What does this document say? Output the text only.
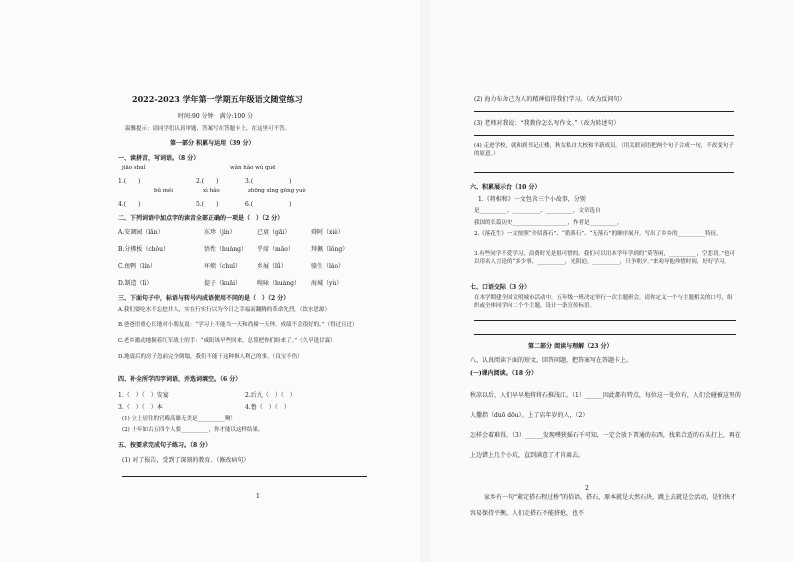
2022-2023 学年第一学期五年级语文随堂练习
时间:90 分钟　满分:100 分
温馨提示：请同学们认真审题，答案写在答题卡上，在这里可不答。
第一部分 积累与运用（39 分）
一、读拼音，写词语。（8 分）
jiāo shuǐ	wǎn hǎo wú quē
1.(　　)	2.(　　)	3.(　　　　　　)
bǔ méi	xì hǎo	zhōng xīng gōng yuè
4.(　　)	5.(　　)	6.(　　　　　　)
二、下列词语中加点字的读音全部正确的一项是（　）（2 分）
A.安调园（lǎn）	东珍（jìn）	已衰（gāi）	舜阿（xiè）
B.分梆板（chǒu）	悟性（huàng） 乎席（mǎo）	拜佩（lǒng）
C.鱼鸭（lín）	坏烦（chuī）	乡展（lǚ）	骆生（lào）
D.制造（lì）	提子（kuāi）	嗅咏（huàng） 海城（yù）
三、下面句子中，标语与转号内成语使用不同的是（　）（2 分）
A.我们要吃水不忘挖井人，实在行实行以为今日之幸福而翻腾的革命先烈。（饮水思源）
B.爸爸语重心长地对小朋友说：“学习上不能当一天和尚撞一天钟，成绩不会很好的。”（得过且过）
C.老乡激动地握着红军战士的手：“咸阳该早些回来，总算把你们盼来了。”（久旱逢甘霖）
D.地震后的房子忽前完全倒塌，我们不能干这种损人利己的事。（良宝不伤）
四、补全所学四字词语，并选词填空。（6 分）
1.（　）（　）安宴	2.后九（　）（　）
3.（　）（　）本	4.鲁（　）（　）
(1) 立上居住的官殿高雄无美是__________啊！
(2) 十年如古五四个人要__________，你才能以这样结果。
五、按要求完成句子练习。（8 分）
(1) 对了报告，受到了深刻的教育。（修改病句）
1
(2) 海力布舍己为人的精神值得我们学习。（改为反问句）
(3) 老师对我说：“我教你怎么写作文。”（改为转述句）
(4) 走进学校，就和到书记正楼，秋女私自大校和平新成员。（用关联词语把两个句子合成一句，不改变句子的原意。）
六、积累展示台（10 分）
1.《将相和》一文包含三个小故事，分别
是__________、__________、__________，文章选自
我国的长篇历史____________________，作者是__________。
2.《落花生》一文按照“介绍落石”、“猎落石”、“无落石”的顺序展开，写出了乡乡的__________特征。
3.有些同学不爱学习，浪费时光是很可惜的。我们可以用本学年学到的“莫等闲，__________，空悲切。”也可以用名人言论的“多少事，__________，光阴迫。__________，只争朝夕。”来劝导他珍惜时间，好好学习。
七、口语交际（3 分）
在本学期建全国文明城市活动中，五年级一班决定举行一次主题班会，请你定义一个与主题相关的口号，组织或全体同学向二个个主题，设计一条宣传标语。
第二部分 阅读与理解（23 分）
八、认真阅读下面的短文，回答问题，把答案写在答题卡上。
(一)课内阅读。（18 分）
秋凉以后，人们早早地将将石推浅江。（1）______因此都有特点，每位这一处位有，人们会碰被这里的人撒指（duō dōu）。上了店年岁的人，（2）
怎样会着难得，（3）______发现噗狭摇石千可知，一定会放下普通的东西，找来合适的石头打上，再在上边错上几个小坑，直到满意了才肯离去。
2
家乡有一句“紧定搭石程过桥”的俗语。搭石，原本就是大然石块，跳上去就是会活动，是怕快才容易保持平衡，人们走搭石不能挤抢，也不
